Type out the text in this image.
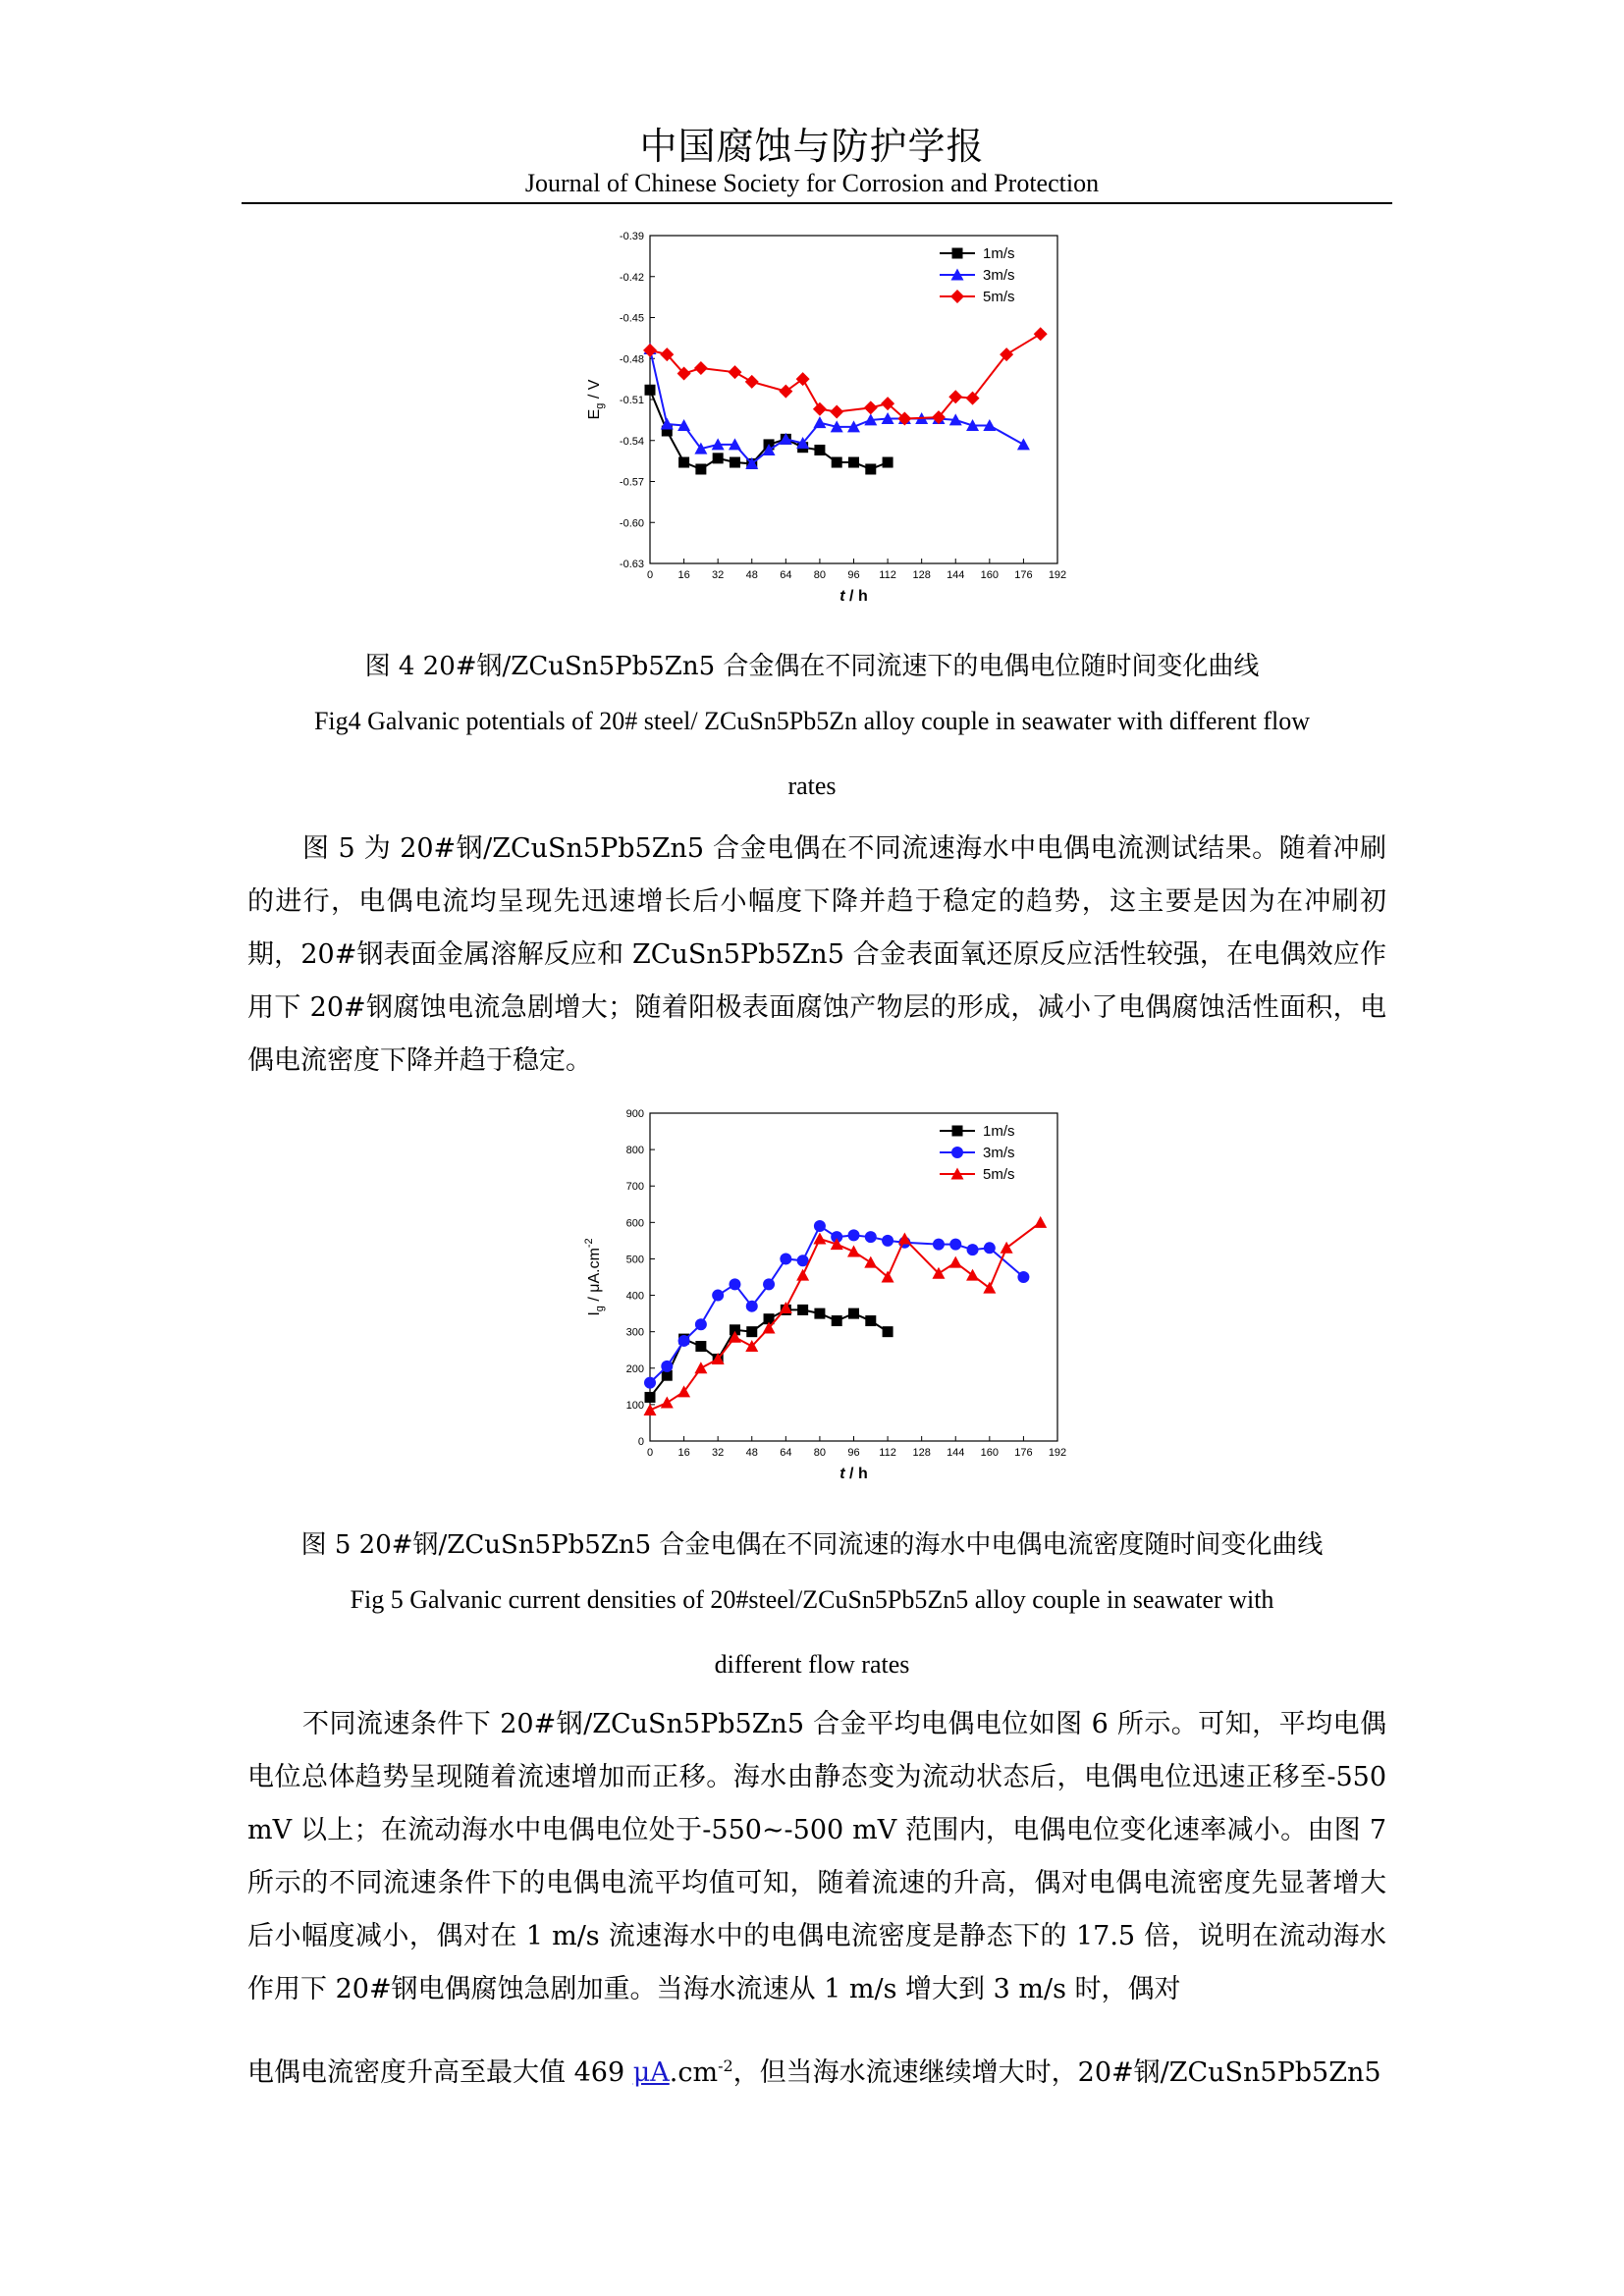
中国腐蚀与防护学报
Journal of Chinese Society for Corrosion and Protection
0 16 32 48 64 80 96 112 128 144 160 176 192
-0.39
-0.42
-0.45
-0.48
-0.51
-0.54
-0.57
-0.60
-0.63
t / h
$E_g$ / V
1m/s
3m/s
5m/s
图 4 20#钢/ZCuSn5Pb5Zn5 合金偶在不同流速下的电偶电位随时间变化曲线
Fig4 Galvanic potentials of 20# steel/ ZCuSn5Pb5Zn alloy couple in seawater with different flow
rates

图 5 为 20#钢/ZCuSn5Pb5Zn5 合金电偶在不同流速海水中电偶电流测试结果。随着冲刷的进行，电偶电流均呈现先迅速增长后小幅度下降并趋于稳定的趋势，这主要是因为在冲刷初期，20#钢表面金属溶解反应和 ZCuSn5Pb5Zn5 合金表面氧还原反应活性较强，在电偶效应作用下 20#钢腐蚀电流急剧增大；随着阳极表面腐蚀产物层的形成，减小了电偶腐蚀活性面积，电偶电流密度下降并趋于稳定。

0 16 32 48 64 80 96 112 128 144 160 176 192
900
800
700
600
500
400
300
200
100
0
t / h
$I_g / \mu A.cm^{-2}$
1m/s
3m/s
5m/s
图 5 20#钢/ZCuSn5Pb5Zn5 合金电偶在不同流速的海水中电偶电流密度随时间变化曲线
Fig 5 Galvanic current densities of 20#steel/ZCuSn5Pb5Zn5 alloy couple in seawater with
different flow rates

不同流速条件下 20#钢/ZCuSn5Pb5Zn5 合金平均电偶电位如图 6 所示。可知，平均电偶电位总体趋势呈现随着流速增加而正移。海水由静态变为流动状态后，电偶电位迅速正移至-550 mV 以上；在流动海水中电偶电位处于-550~-500 mV 范围内，电偶电位变化速率减小。由图 7 所示的不同流速条件下的电偶电流平均值可知，随着流速的升高，偶对电偶电流密度先显著增大后小幅度减小，偶对在 1 m/s 流速海水中的电偶电流密度是静态下的 17.5 倍，说明在流动海水作用下 20#钢电偶腐蚀急剧加重。当海水流速从 1 m/s 增大到 3 m/s 时，偶对

电偶电流密度升高至最大值 469 $\mu A.cm^{-2}$，但当海水流速继续增大时，20#钢/ZCuSn5Pb5Zn5
